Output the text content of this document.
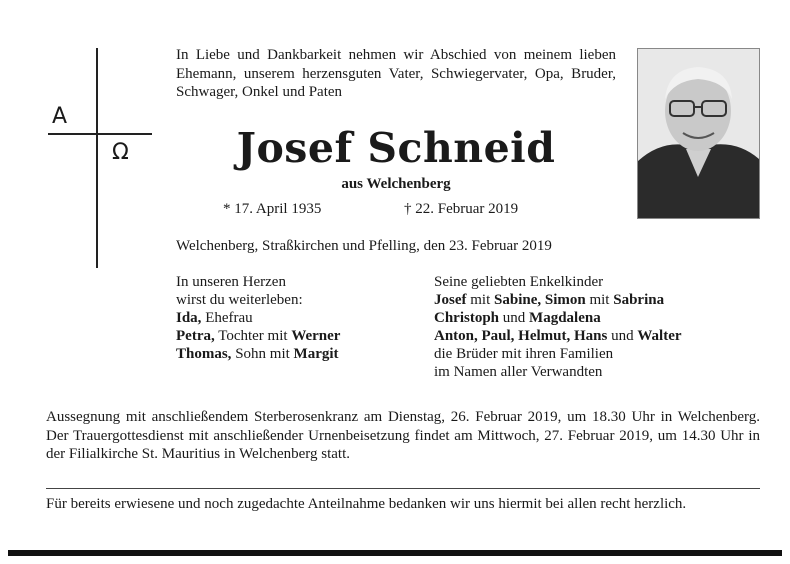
A
Ω
In Liebe und Dankbarkeit nehmen wir Abschied von meinem lieben Ehemann, unserem herzensguten Vater, Schwiegervater, Opa, Bruder, Schwager, Onkel und Paten
Josef Schneid
aus Welchenberg
* 17. April 1935	† 22. Februar 2019
Welchenberg, Straßkirchen und Pfelling, den 23. Februar 2019
In unseren Herzen
wirst du weiterleben:
Ida, Ehefrau
Petra, Tochter mit Werner
Thomas, Sohn mit Margit
Seine geliebten Enkelkinder
Josef mit Sabine, Simon mit Sabrina
Christoph und Magdalena
Anton, Paul, Helmut, Hans und Walter
die Brüder mit ihren Familien
im Namen aller Verwandten
Aussegnung mit anschließendem Sterberosenkranz am Dienstag, 26. Februar 2019, um 18.30 Uhr in Welchenberg. Der Trauergottesdienst mit anschließender Urnenbeisetzung findet am Mittwoch, 27. Februar 2019, um 14.30 Uhr in der Filialkirche St. Mauritius in Welchenberg statt.
Für bereits erwiesene und noch zugedachte Anteilnahme bedanken wir uns hiermit bei allen recht herzlich.
